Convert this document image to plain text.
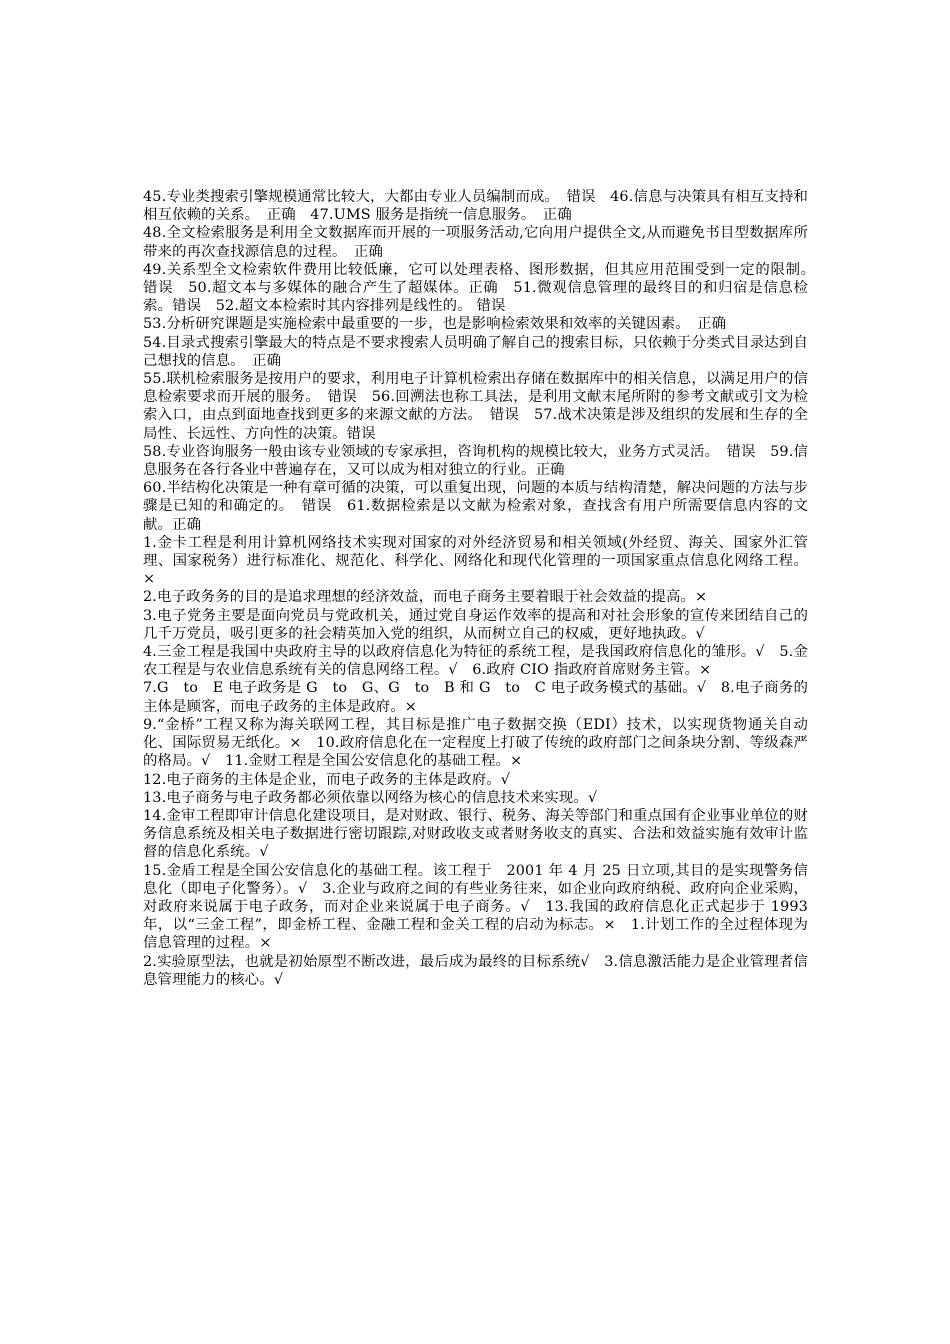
45.专业类搜索引擎规模通常比较大，大都由专业人员编制而成。　错误　46.信息与决策具有相互支持和相互依赖的关系。　正确　47.UMS 服务是指统一信息服务。　正确

48.全文检索服务是利用全文数据库而开展的一项服务活动,它向用户提供全文,从而避免书目型数据库所带来的再次查找源信息的过程。　正确

49.关系型全文检索软件费用比较低廉，它可以处理表格、图形数据，但其应用范围受到一定的限制。　错误　50.超文本与多媒体的融合产生了超媒体。正确　51.微观信息管理的最终目的和归宿是信息检索。错误　52.超文本检索时其内容排列是线性的。 错误

53.分析研究课题是实施检索中最重要的一步，也是影响检索效果和效率的关键因素。　正确

54.目录式搜索引擎最大的特点是不要求搜索人员明确了解自己的搜索目标，只依赖于分类式目录达到自己想找的信息。　正确

55.联机检索服务是按用户的要求，利用电子计算机检索出存储在数据库中的相关信息，以满足用户的信息检索要求而开展的服务。　错误　56.回溯法也称工具法，是利用文献末尾所附的参考文献或引文为检索入口，由点到面地查找到更多的来源文献的方法。　错误　57.战术决策是涉及组织的发展和生存的全局性、长远性、方向性的决策。错误

58.专业咨询服务一般由该专业领域的专家承担，咨询机构的规模比较大，业务方式灵活。　错误　59.信息服务在各行各业中普遍存在，又可以成为相对独立的行业。正确

60.半结构化决策是一种有章可循的决策，可以重复出现，问题的本质与结构清楚，解决问题的方法与步骤是已知的和确定的。　错误　61.数据检索是以文献为检索对象，查找含有用户所需要信息内容的文献。正确

1.金卡工程是利用计算机网络技术实现对国家的对外经济贸易和相关领域(外经贸、海关、国家外汇管理、国家税务）进行标准化、规范化、科学化、网络化和现代化管理的一项国家重点信息化网络工程。×

2.电子政务务的目的是追求理想的经济效益，而电子商务主要着眼于社会效益的提高。×

3.电子党务主要是面向党员与党政机关，通过党自身运作效率的提高和对社会形象的宣传来团结自己的几千万党员，吸引更多的社会精英加入党的组织，从而树立自己的权威，更好地执政。√

4.三金工程是我国中央政府主导的以政府信息化为特征的系统工程，是我国政府信息化的雏形。√　5.金农工程是与农业信息系统有关的信息网络工程。√　6.政府 CIO 指政府首席财务主管。×

7.G　to　E 电子政务是 G　to　G、G　to　B 和 G　to　C 电子政务模式的基础。√　8.电子商务的主体是顾客，而电子政务的主体是政府。×

9.“金桥”工程又称为海关联网工程，其目标是推广电子数据交换（EDI）技术，以实现货物通关自动化、国际贸易无纸化。×　10.政府信息化在一定程度上打破了传统的政府部门之间条块分割、等级森严的格局。√　11.金财工程是全国公安信息化的基础工程。×

12.电子商务的主体是企业，而电子政务的主体是政府。√

13.电子商务与电子政务都必须依靠以网络为核心的信息技术来实现。√

14.金审工程即审计信息化建设项目，是对财政、银行、税务、海关等部门和重点国有企业事业单位的财务信息系统及相关电子数据进行密切跟踪,对财政收支或者财务收支的真实、合法和效益实施有效审计监督的信息化系统。√

15.金盾工程是全国公安信息化的基础工程。该工程于　2001 年 4 月 25 日立项,其目的是实现警务信息化（即电子化警务）。√　3.企业与政府之间的有些业务往来，如企业向政府纳税、政府向企业采购，对政府来说属于电子政务，而对企业来说属于电子商务。√　13.我国的政府信息化正式起步于 1993 年，以“三金工程”，即金桥工程、金融工程和金关工程的启动为标志。×　1.计划工作的全过程体现为信息管理的过程。×

2.实验原型法，也就是初始原型不断改进，最后成为最终的目标系统√　3.信息激活能力是企业管理者信息管理能力的核心。√
